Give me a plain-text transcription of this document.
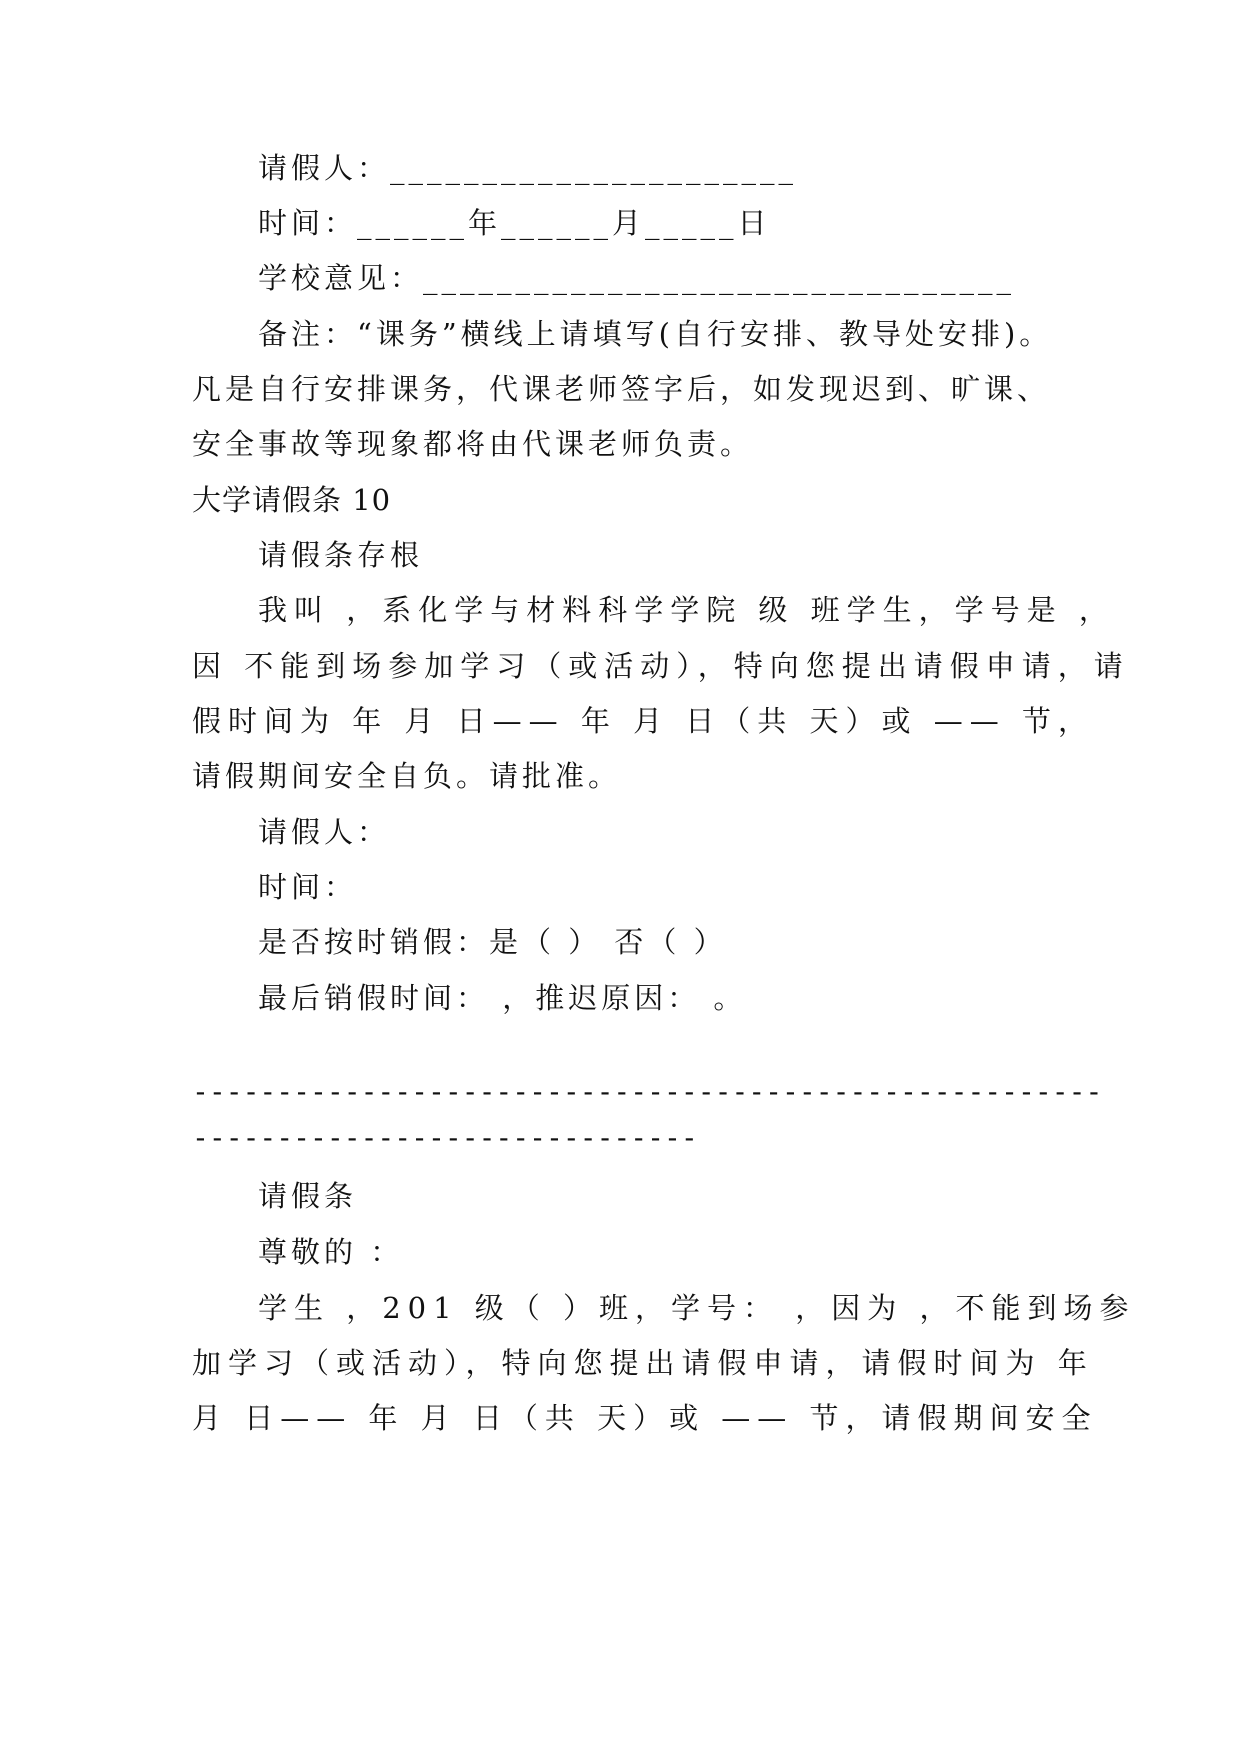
请假人：______________________
时间：______年______月_____日
学校意见：________________________________
备注：“课务”横线上请填写(自行安排、教导处安排)。
凡是自行安排课务，代课老师签字后，如发现迟到、旷课、
安全事故等现象都将由代课老师负责。
大学请假条 10
请假条存根
我叫 ，系化学与材料科学学院 级 班学生，学号是 ，
因 不能到场参加学习（或活动），特向您提出请假申请，请
假时间为 年 月 日—— 年 月 日（共 天）或 —— 节，
请假期间安全自负。请批准。
请假人：
时间：
是否按时销假：是（ ） 否（ ）
最后销假时间： ，推迟原因： 。
------------------------------------------------------
------------------------------
请假条
尊敬的 ：
学生 ，201 级（ ）班，学号： ，因为 ，不能到场参
加学习（或活动），特向您提出请假申请，请假时间为 年
月 日—— 年 月 日（共 天）或 —— 节，请假期间安全
